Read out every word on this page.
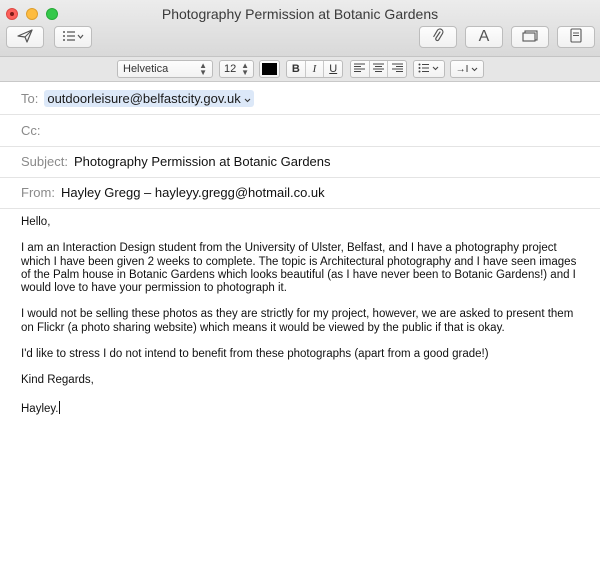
Photography Permission at Botanic Gardens
A
Helvetica	▲
▼ 12 ▲
▼	B	I	U	→I
To: outdoorleisure@belfastcity.gov.uk
Cc:
Subject: Photography Permission at Botanic Gardens
From: Hayley Gregg – hayleyy.gregg@hotmail.co.uk

Hello,

I am an Interaction Design student from the University of Ulster, Belfast, and I have a photography project
which I have been given 2 weeks to complete. The topic is Architectural photography and I have seen images
of the Palm house in Botanic Gardens which looks beautiful (as I have never been to Botanic Gardens!) and I
would love to have your permission to photograph it.

I would not be selling these photos as they are strictly for my project, however, we are asked to present them
on Flickr (a photo sharing website) which means it would be viewed by the public if that is okay.

I'd like to stress I do not intend to benefit from these photographs (apart from a good grade!)

Kind Regards,

Hayley.
